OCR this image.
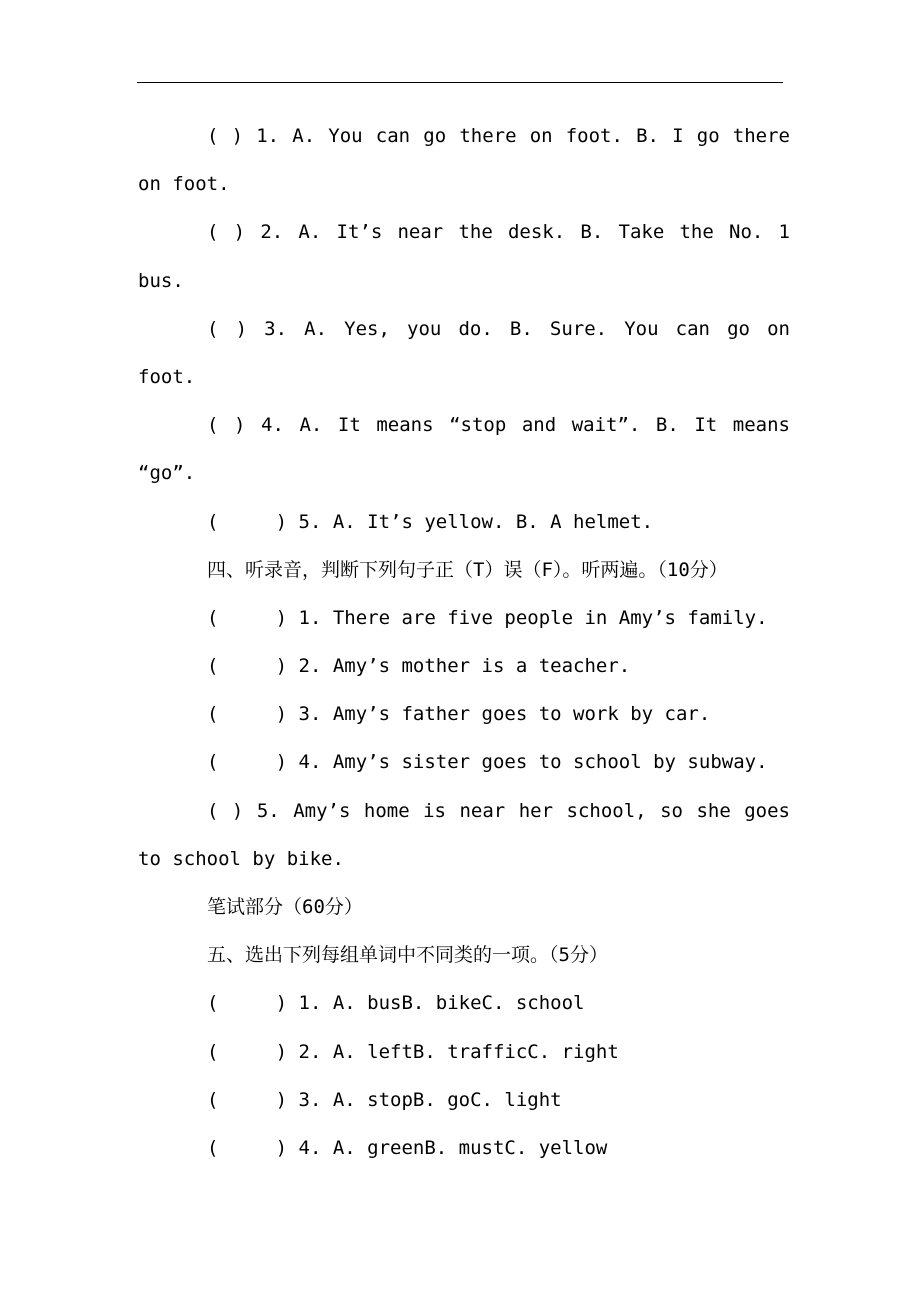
( ) 1. A. You can go there on foot. B. I go there
on foot.
( ) 2. A. It’s near the desk. B. Take the No. 1
bus.
( ) 3. A. Yes, you do. B. Sure. You can go on
foot.
( ) 4. A. It means “stop and wait”. B. It means
“go”.
(     ) 5. A. It’s yellow. B. A helmet.
四、听录音，判断下列句子正（T）误（F）。听两遍。（10分）
(     ) 1. There are five people in Amy’s family.
(     ) 2. Amy’s mother is a teacher.
(     ) 3. Amy’s father goes to work by car.
(     ) 4. Amy’s sister goes to school by subway.
( ) 5. Amy’s home is near her school, so she goes
to school by bike.
笔试部分（60分）
五、选出下列每组单词中不同类的一项。（5分）
(     ) 1. A. busB. bikeC. school
(     ) 2. A. leftB. trafficC. right
(     ) 3. A. stopB. goC. light
(     ) 4. A. greenB. mustC. yellow
